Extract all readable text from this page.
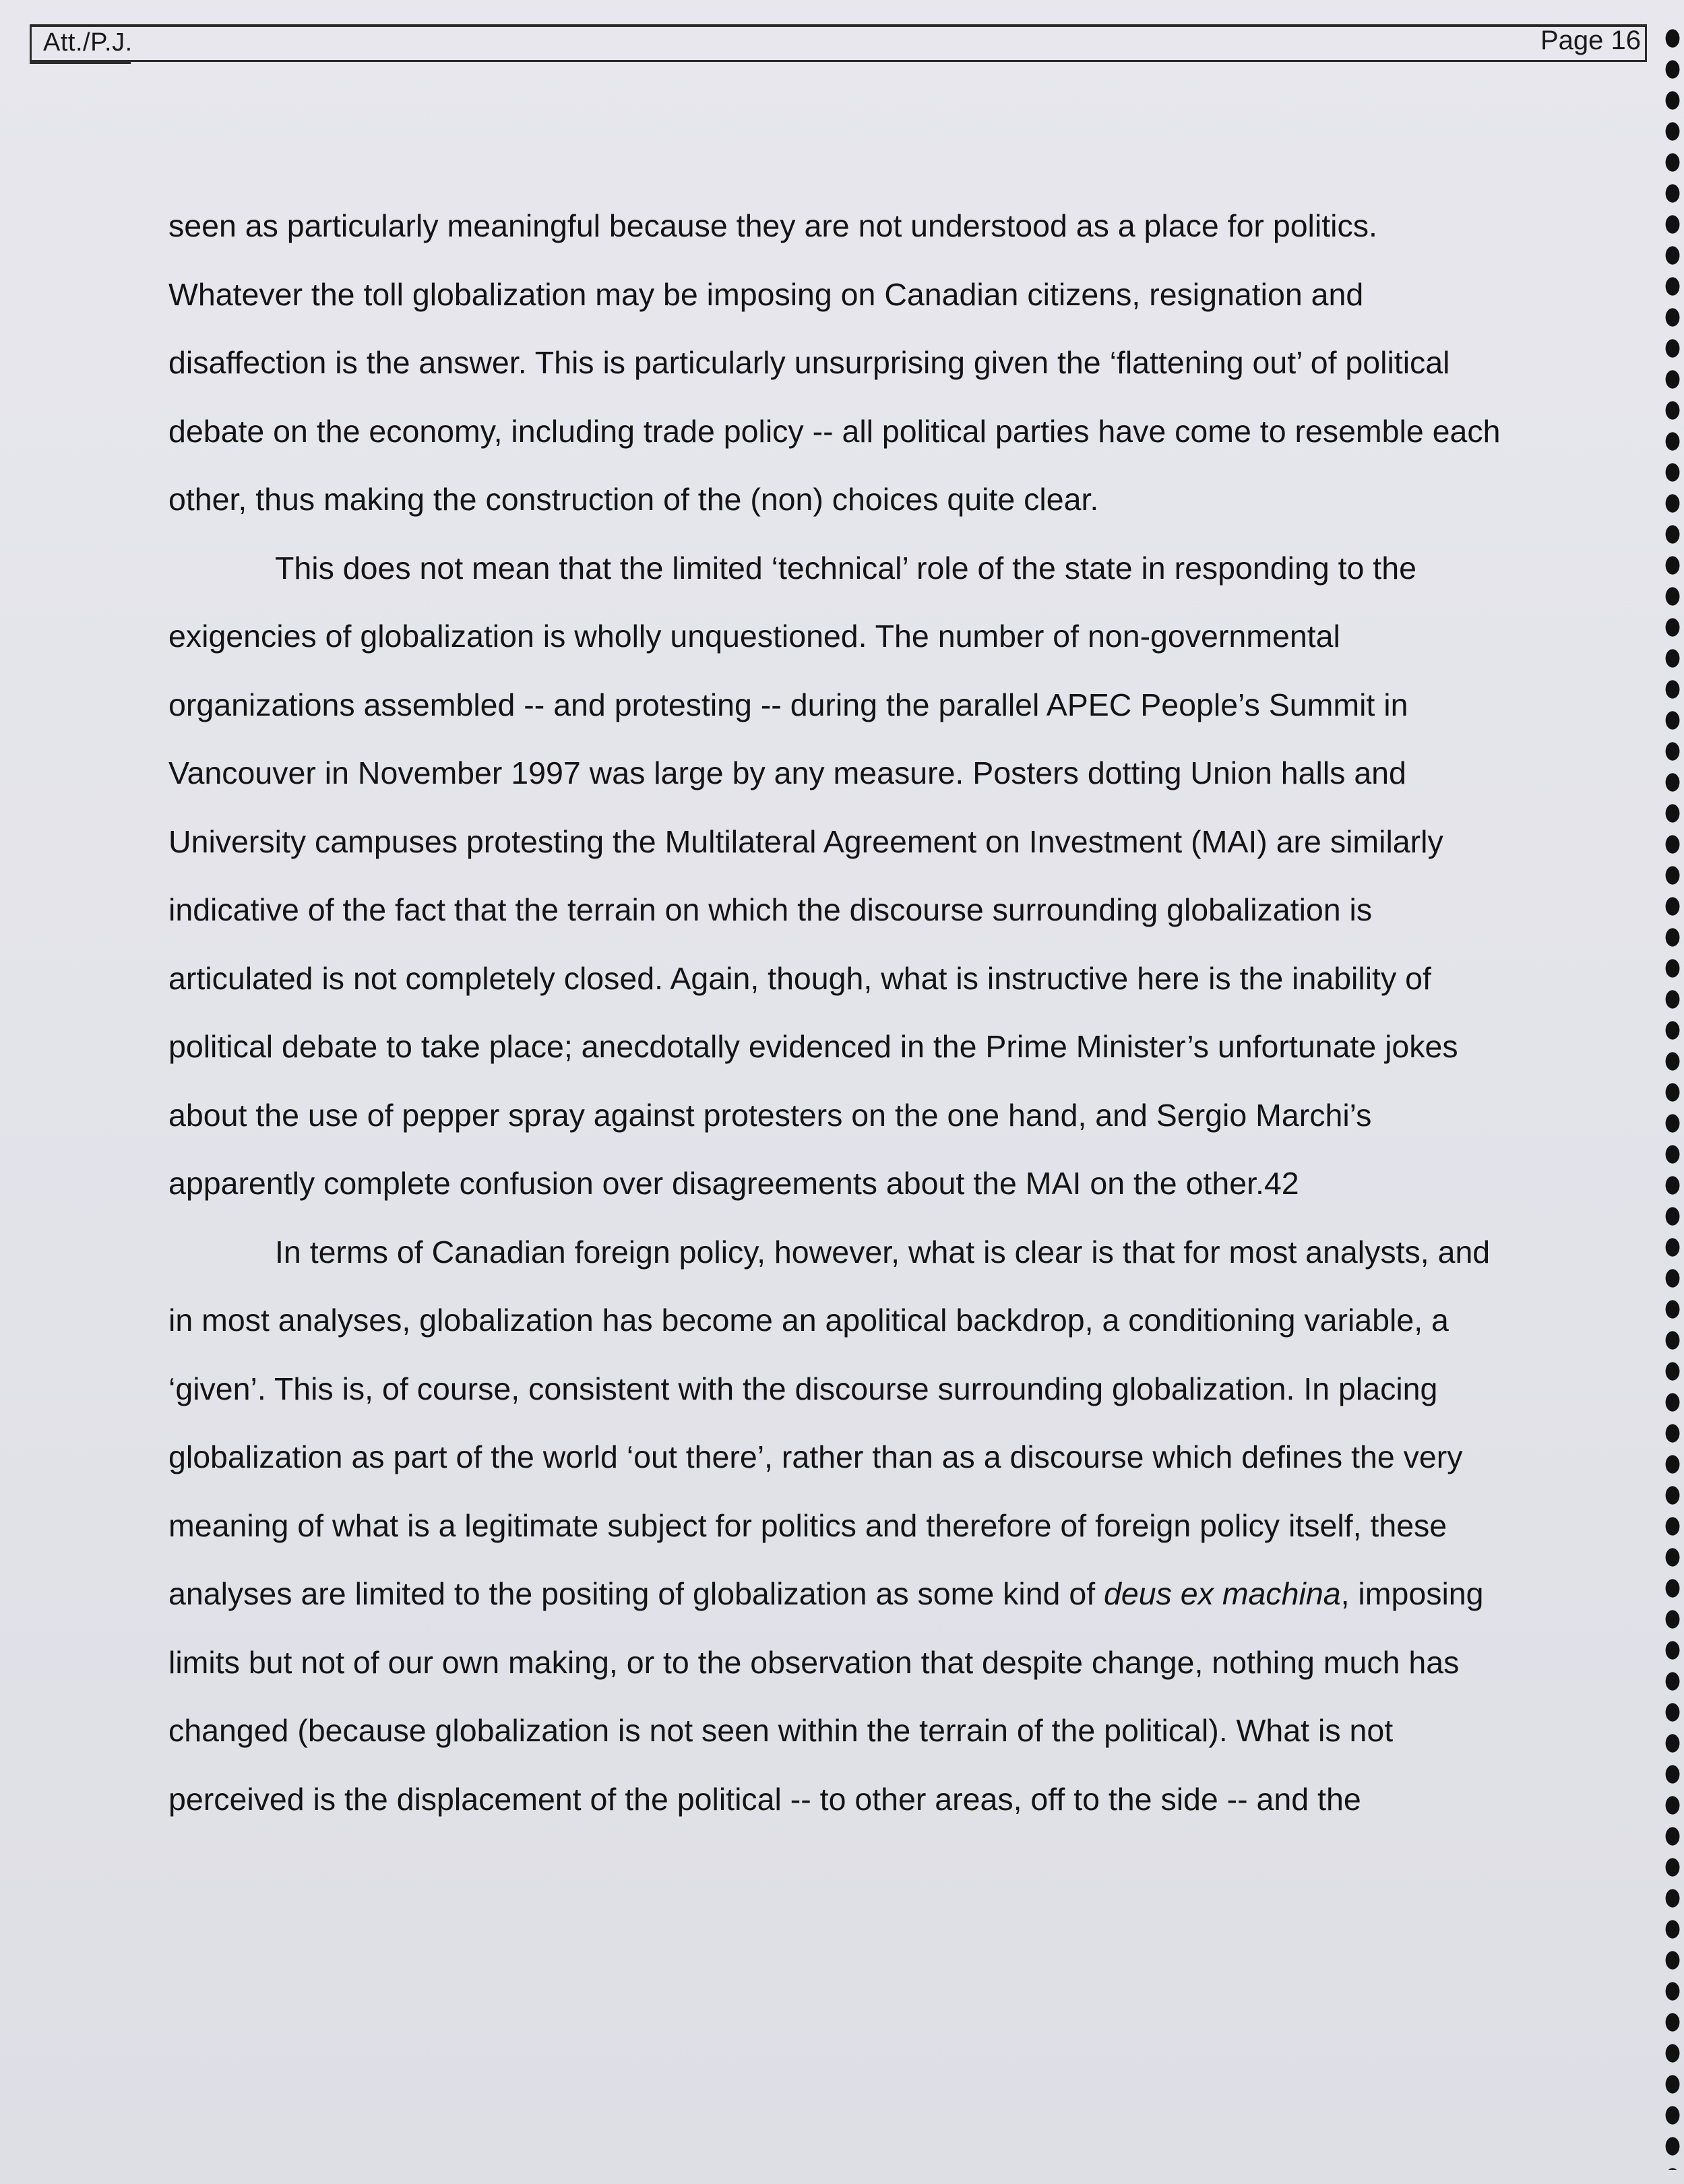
Att./P.J.	Page 16

seen as particularly meaningful because they are not understood as a place for politics. Whatever the toll globalization may be imposing on Canadian citizens, resignation and disaffection is the answer. This is particularly unsurprising given the ‘flattening out’ of political debate on the economy, including trade policy -- all political parties have come to resemble each other, thus making the construction of the (non) choices quite clear.

This does not mean that the limited ‘technical’ role of the state in responding to the exigencies of globalization is wholly unquestioned. The number of non-governmental organizations assembled -- and protesting -- during the parallel APEC People’s Summit in Vancouver in November 1997 was large by any measure. Posters dotting Union halls and University campuses protesting the Multilateral Agreement on Investment (MAI) are similarly indicative of the fact that the terrain on which the discourse surrounding globalization is articulated is not completely closed. Again, though, what is instructive here is the inability of political debate to take place; anecdotally evidenced in the Prime Minister’s unfortunate jokes about the use of pepper spray against protesters on the one hand, and Sergio Marchi’s apparently complete confusion over disagreements about the MAI on the other.42

In terms of Canadian foreign policy, however, what is clear is that for most analysts, and in most analyses, globalization has become an apolitical backdrop, a conditioning variable, a ‘given’. This is, of course, consistent with the discourse surrounding globalization. In placing globalization as part of the world ‘out there’, rather than as a discourse which defines the very meaning of what is a legitimate subject for politics and therefore of foreign policy itself, these analyses are limited to the positing of globalization as some kind of deus ex machina, imposing limits but not of our own making, or to the observation that despite change, nothing much has changed (because globalization is not seen within the terrain of the political). What is not perceived is the displacement of the political -- to other areas, off to the side -- and the
